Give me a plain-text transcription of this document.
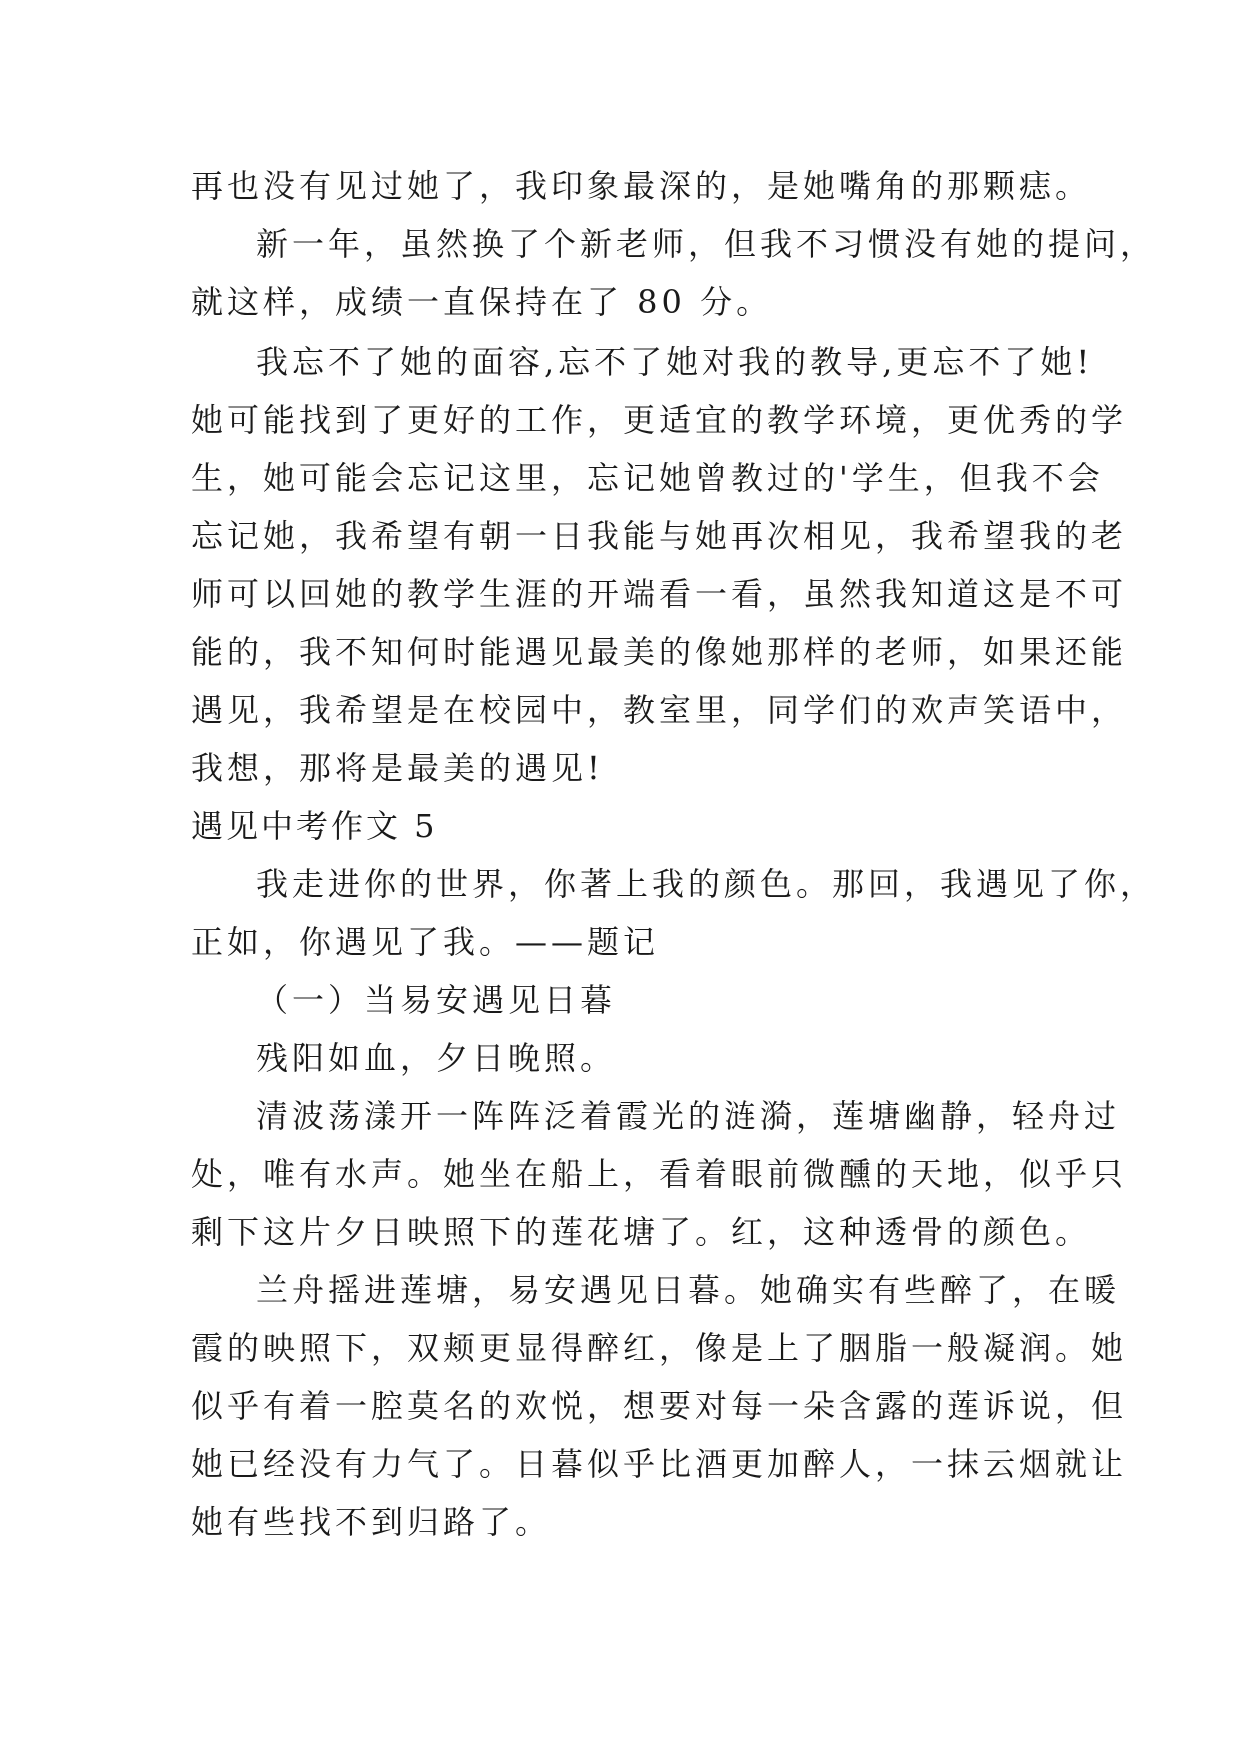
再也没有见过她了，我印象最深的，是她嘴角的那颗痣。
新一年，虽然换了个新老师，但我不习惯没有她的提问，
就这样，成绩一直保持在了 80 分。
我忘不了她的面容,忘不了她对我的教导,更忘不了她!
她可能找到了更好的工作，更适宜的教学环境，更优秀的学
生，她可能会忘记这里，忘记她曾教过的'学生，但我不会
忘记她，我希望有朝一日我能与她再次相见，我希望我的老
师可以回她的教学生涯的开端看一看，虽然我知道这是不可
能的，我不知何时能遇见最美的像她那样的老师，如果还能
遇见，我希望是在校园中，教室里，同学们的欢声笑语中，
我想，那将是最美的遇见!
遇见中考作文 5
我走进你的世界，你著上我的颜色。那回，我遇见了你，
正如，你遇见了我。——题记
（一）当易安遇见日暮
残阳如血，夕日晚照。
清波荡漾开一阵阵泛着霞光的涟漪，莲塘幽静，轻舟过
处，唯有水声。她坐在船上，看着眼前微醺的天地，似乎只
剩下这片夕日映照下的莲花塘了。红，这种透骨的颜色。
兰舟摇进莲塘，易安遇见日暮。她确实有些醉了，在暖
霞的映照下，双颊更显得醉红，像是上了胭脂一般凝润。她
似乎有着一腔莫名的欢悦，想要对每一朵含露的莲诉说，但
她已经没有力气了。日暮似乎比酒更加醉人，一抹云烟就让
她有些找不到归路了。
